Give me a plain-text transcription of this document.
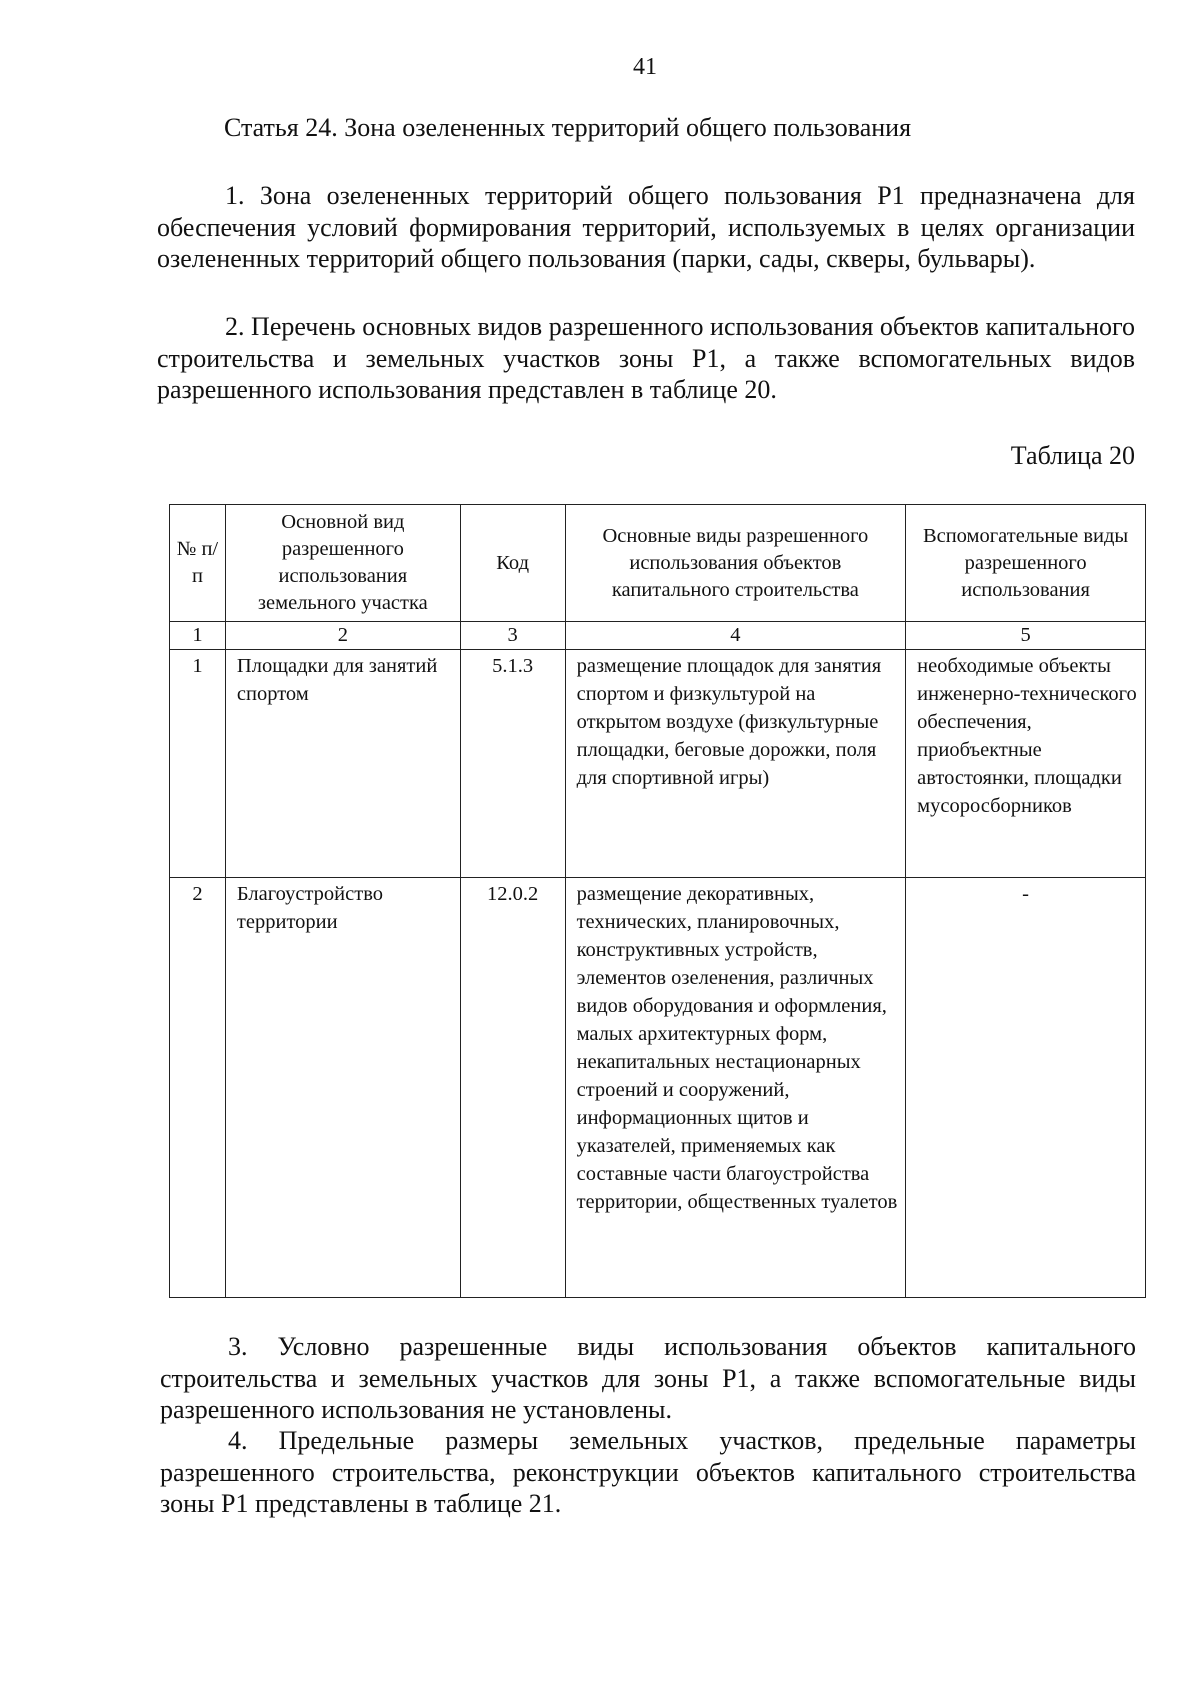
41
Статья 24. Зона озелененных территорий общего пользования

1. Зона озелененных территорий общего пользования Р1 предназначена для обеспечения условий формирования территорий, используемых в целях организации озелененных территорий общего пользования (парки, сады, скверы, бульвары).

2. Перечень основных видов разрешенного использования объектов капитального строительства и земельных участков зоны Р1, а также вспомогательных видов разрешенного использования представлен в таблице 20.

Таблица 20
№ п/п	Основной вид разрешенного использования земельного участка	Код	Основные виды разрешенного использования объектов капитального строительства	Вспомогательные виды разрешенного использования
1	2	3	4	5
1	Площадки для занятий спортом	5.1.3	размещение площадок для занятия спортом и физкультурой на открытом воздухе (физкультурные площадки, беговые дорожки, поля для спортивной игры)	необходимые объекты инженерно-технического обеспечения, приобъектные автостоянки, площадки мусоросборников
2	Благоустройство территории	12.0.2	размещение декоративных, технических, планировочных, конструктивных устройств, элементов озеленения, различных видов оборудования и оформления, малых архитектурных форм, некапитальных нестационарных строений и сооружений, информационных щитов и указателей, применяемых как составные части благоустройства территории, общественных туалетов	-

3. Условно разрешенные виды использования объектов капитального строительства и земельных участков для зоны Р1, а также вспомогательные виды разрешенного использования не установлены.

4. Предельные размеры земельных участков, предельные параметры разрешенного строительства, реконструкции объектов капитального строительства зоны Р1 представлены в таблице 21.
